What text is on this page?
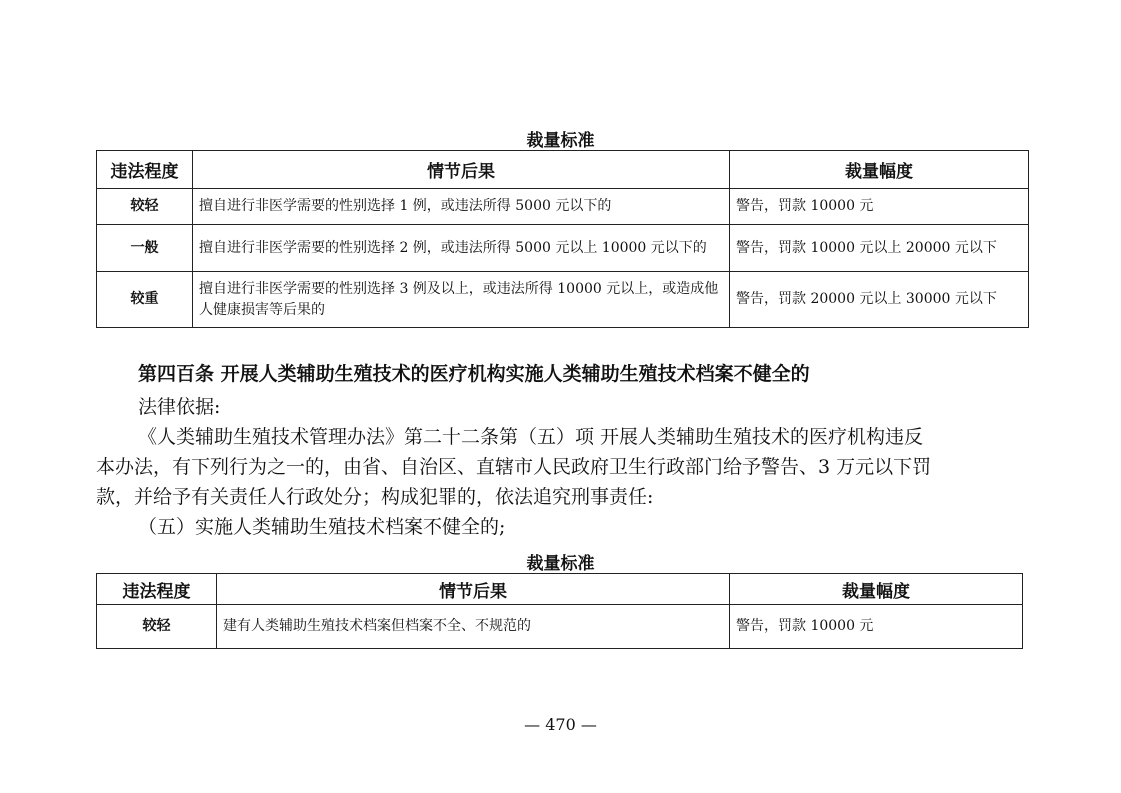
裁量标准
违法程度	情节后果	裁量幅度
较轻	擅自进行非医学需要的性别选择 1 例，或违法所得 5000 元以下的	警告，罚款 10000 元
一般	擅自进行非医学需要的性别选择 2 例，或违法所得 5000 元以上 10000 元以下的	警告，罚款 10000 元以上 20000 元以下
较重	擅自进行非医学需要的性别选择 3 例及以上，或违法所得 10000 元以上，或造成他人健康损害等后果的	警告，罚款 20000 元以上 30000 元以下
第四百条 开展人类辅助生殖技术的医疗机构实施人类辅助生殖技术档案不健全的
法律依据:
《人类辅助生殖技术管理办法》第二十二条第（五）项 开展人类辅助生殖技术的医疗机构违反
本办法，有下列行为之一的，由省、自治区、直辖市人民政府卫生行政部门给予警告、3 万元以下罚
款，并给予有关责任人行政处分；构成犯罪的，依法追究刑事责任:
（五）实施人类辅助生殖技术档案不健全的;
裁量标准
违法程度	情节后果	裁量幅度
较轻	建有人类辅助生殖技术档案但档案不全、不规范的	警告，罚款 10000 元
— 470 —
